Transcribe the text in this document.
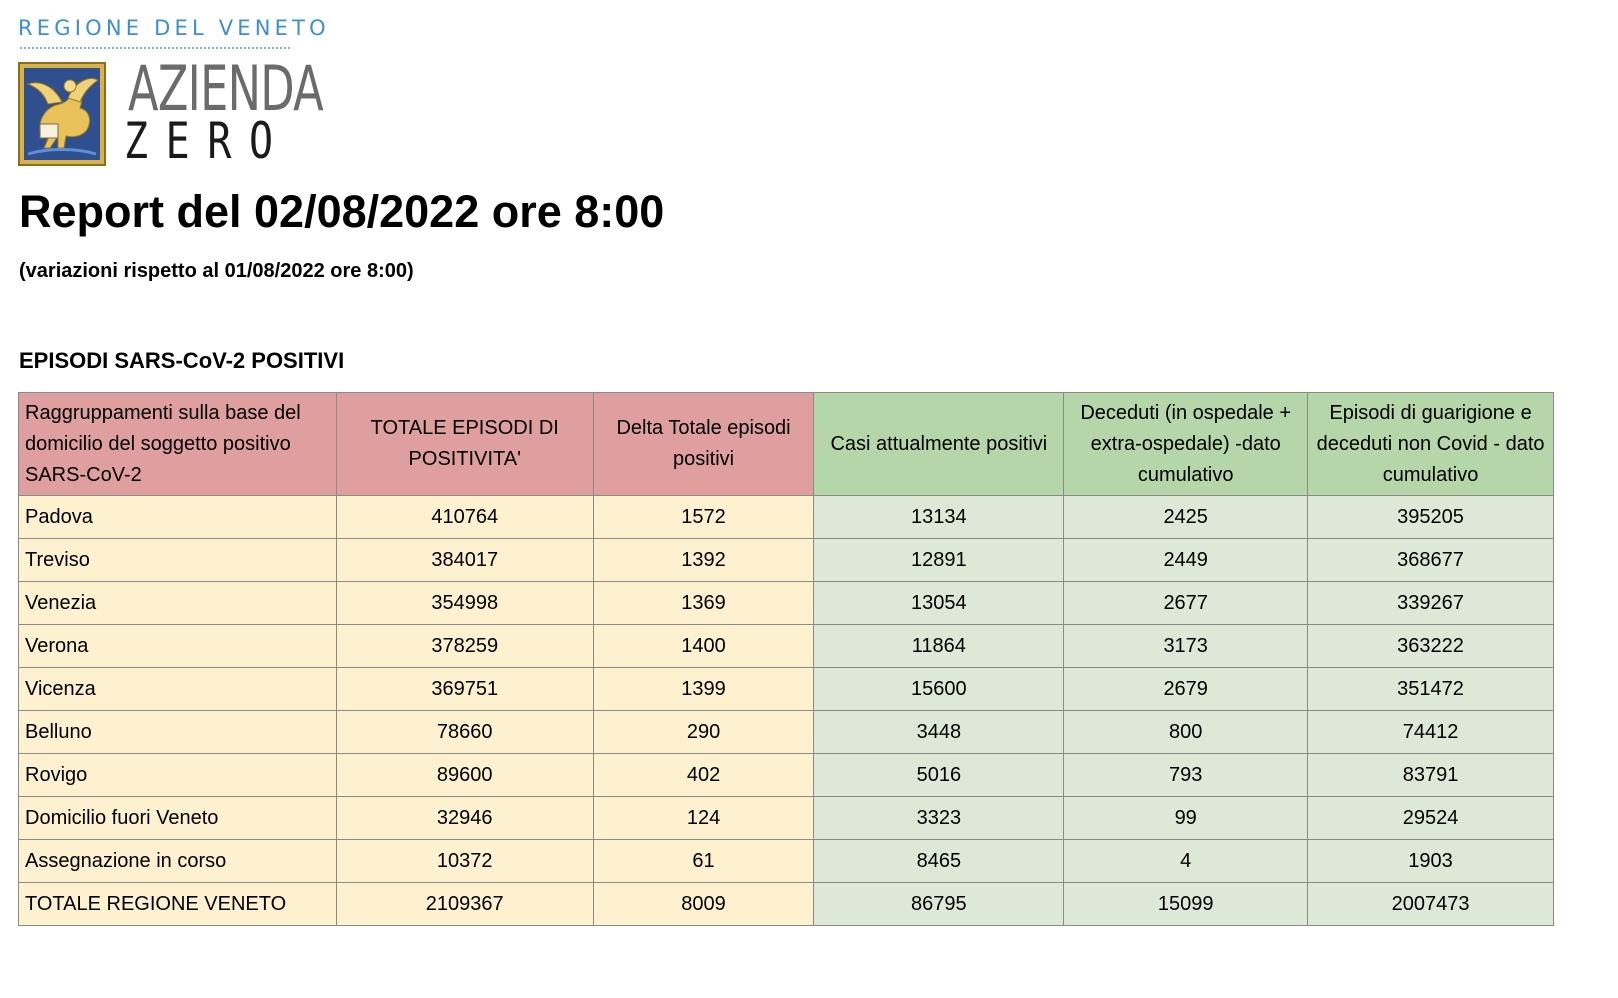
REGIONE DEL VENETO
AZIENDA
ZERO
Report del 02/08/2022 ore 8:00
(variazioni rispetto al 01/08/2022 ore 8:00)
EPISODI SARS-CoV-2 POSITIVI
Raggruppamenti sulla base del domicilio del soggetto positivo SARS-CoV-2	TOTALE EPISODI DI POSITIVITA'	Delta Totale episodi positivi	Casi attualmente positivi	Deceduti (in ospedale + extra-ospedale) -dato cumulativo	Episodi di guarigione e deceduti non Covid - dato cumulativo
Padova	410764	1572	13134	2425	395205
Treviso	384017	1392	12891	2449	368677
Venezia	354998	1369	13054	2677	339267
Verona	378259	1400	11864	3173	363222
Vicenza	369751	1399	15600	2679	351472
Belluno	78660	290	3448	800	74412
Rovigo	89600	402	5016	793	83791
Domicilio fuori Veneto	32946	124	3323	99	29524
Assegnazione in corso	10372	61	8465	4	1903
TOTALE REGIONE VENETO	2109367	8009	86795	15099	2007473
